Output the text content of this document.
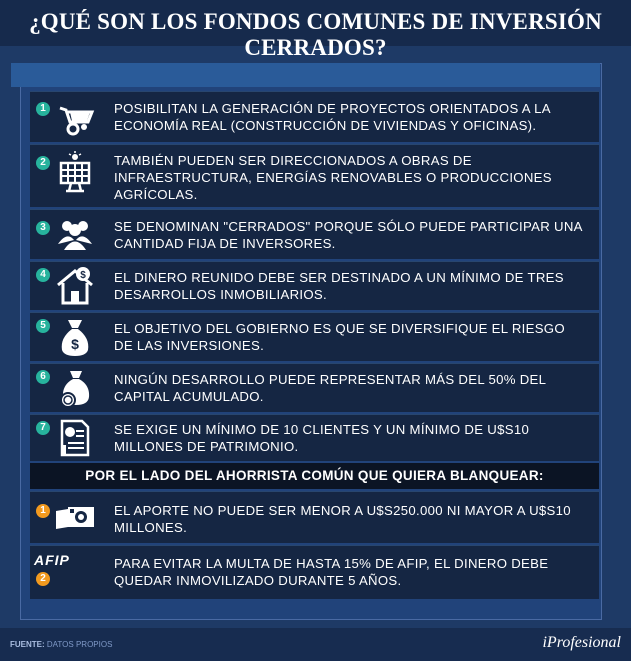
¿QUÉ SON LOS FONDOS COMUNES DE INVERSIÓN CERRADOS?
1	POSIBILITAN LA GENERACIÓN DE PROYECTOS ORIENTADOS A LA ECONOMÍA REAL (CONSTRUCCIÓN DE VIVIENDAS Y OFICINAS).
2	TAMBIÉN PUEDEN SER DIRECCIONADOS A OBRAS DE INFRAESTRUCTURA, ENERGÍAS RENOVABLES O PRODUCCIONES AGRÍCOLAS.
3	SE DENOMINAN "CERRADOS" PORQUE SÓLO PUEDE PARTICIPAR UNA CANTIDAD FIJA DE INVERSORES.
4	$ EL DINERO REUNIDO DEBE SER DESTINADO A UN MÍNIMO DE TRES DESARROLLOS INMOBILIARIOS.
5
$
EL OBJETIVO DEL GOBIERNO ES QUE SE DIVERSIFIQUE EL RIESGO DE LAS INVERSIONES.
6	NINGÚN DESARROLLO PUEDE REPRESENTAR MÁS DEL 50% DEL CAPITAL ACUMULADO.
7	SE EXIGE UN MÍNIMO DE 10 CLIENTES Y UN MÍNIMO DE U$S10 MILLONES DE PATRIMONIO.
POR EL LADO DEL AHORRISTA COMÚN QUE QUIERA BLANQUEAR:
1	EL APORTE NO PUEDE SER MENOR A U$S250.000 NI MAYOR A U$S10 MILLONES.
AFIP
2
PARA EVITAR LA MULTA DE HASTA 15% DE AFIP, EL DINERO DEBE QUEDAR INMOVILIZADO DURANTE 5 AÑOS.
FUENTE: DATOS PROPIOS	iProfesional
